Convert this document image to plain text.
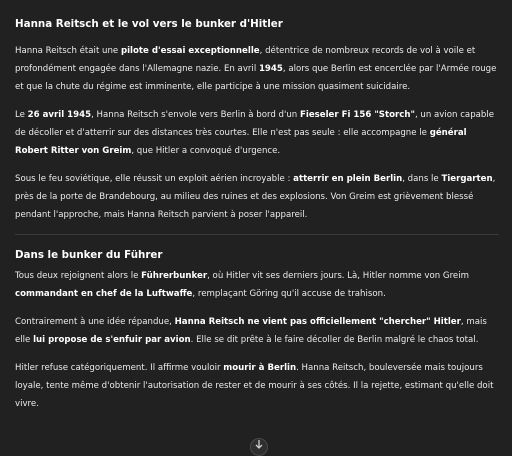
Hanna Reitsch et le vol vers le bunker d'Hitler

Hanna Reitsch était une pilote d'essai exceptionnelle, détentrice de nombreux records de vol à voile et profondément engagée dans l'Allemagne nazie. En avril 1945, alors que Berlin est encerclée par l'Armée rouge et que la chute du régime est imminente, elle participe à une mission quasiment suicidaire.

Le 26 avril 1945, Hanna Reitsch s'envole vers Berlin à bord d'un Fieseler Fi 156 "Storch", un avion capable de décoller et d'atterrir sur des distances très courtes. Elle n'est pas seule : elle accompagne le général Robert Ritter von Greim, que Hitler a convoqué d'urgence.

Sous le feu soviétique, elle réussit un exploit aérien incroyable : atterrir en plein Berlin, dans le Tiergarten, près de la porte de Brandebourg, au milieu des ruines et des explosions. Von Greim est grièvement blessé pendant l'approche, mais Hanna Reitsch parvient à poser l'appareil.

Dans le bunker du Führer

Tous deux rejoignent alors le Führerbunker, où Hitler vit ses derniers jours. Là, Hitler nomme von Greim commandant en chef de la Luftwaffe, remplaçant Göring qu'il accuse de trahison.

Contrairement à une idée répandue, Hanna Reitsch ne vient pas officiellement "chercher" Hitler, mais elle lui propose de s'enfuir par avion. Elle se dit prête à le faire décoller de Berlin malgré le chaos total.

Hitler refuse catégoriquement. Il affirme vouloir mourir à Berlin. Hanna Reitsch, bouleversée mais toujours loyale, tente même d'obtenir l'autorisation de rester et de mourir à ses côtés. Il la rejette, estimant qu'elle doit vivre.
